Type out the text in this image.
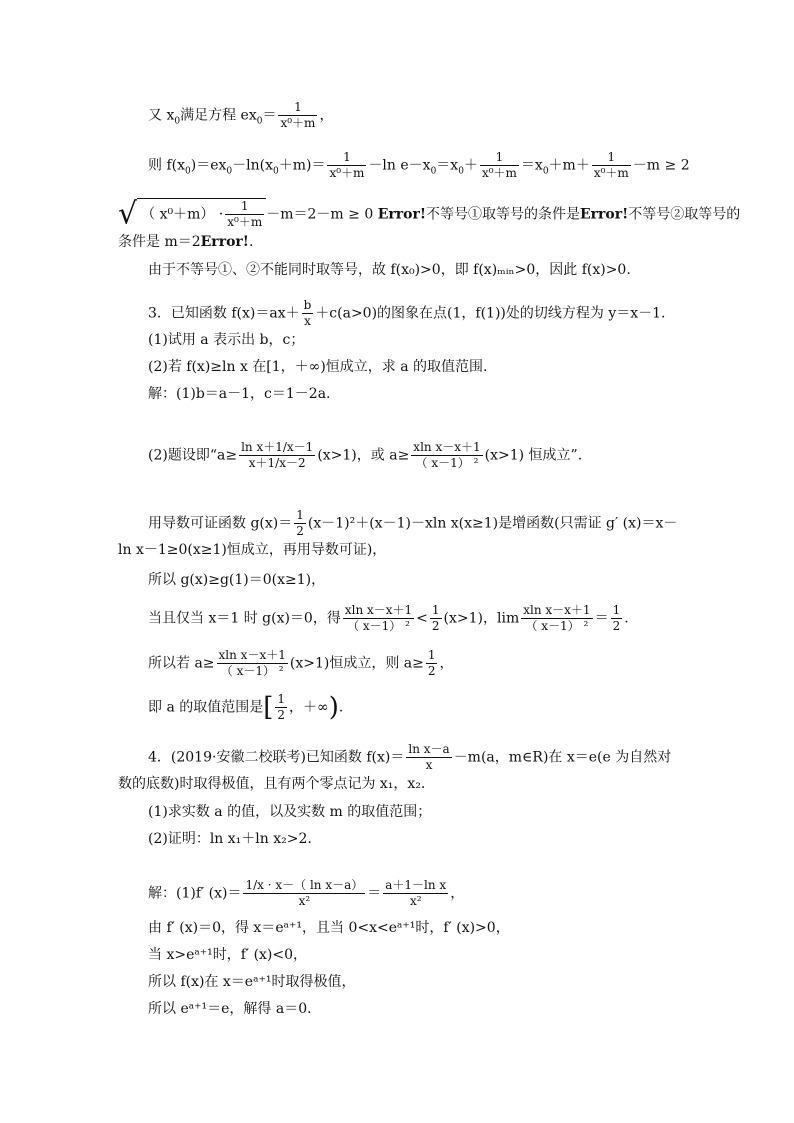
又 $x_0$满足方程 $ex_0= \frac{1}{\text{x⁰＋m}}$ ，
则 $f(x_0)=ex_0-\ln(x_0+m)= \frac{1}{\text{x⁰＋m}} -\ln$ $e-x_0=x_0+ \frac{1}{\text{x⁰＋m}} =x_0+m+ \frac{1}{\text{x⁰＋m}} -m \ge 2$
√ （ $x^0+m) \cdot \frac{1}{\text{x⁰＋m}} -m=2-m \ge 0$ Error!不等号①取等号的条件是Error!不等号②取等号的
条件是 m＝2Error!.
由于不等号①、②不能同时取等号，故 f(x₀)>0，即 f(x)ₘᵢₙ>0，因此 f(x)>0.
3．已知函数 $f(x)=ax+ \frac{b}{x} +c(a>0)$的图象在点(1，f(1))处的切线方程为 y＝x－1.
(1)试用 a 表示出 b，c；
(2)若 f(x)≥ln x 在[1，＋∞)恒成立，求 a 的取值范围.
解：(1)b＝a－1，c＝1－2a.
(2)题设即“$a\ge \frac{\text{ln x＋1/x－1}}{x+1/x-2} (x>1)$，或 $a\ge \frac{\text{xln x－x＋1}}{\text{（ x－1） ²}} (x>1)$ 恒成立”.
用导数可证函数 $g(x)= \frac{1}{2} (x-1)^2+(x-1)-xln$ x(x≥1)是增函数(只需证 g′ (x)＝x－
ln x－1≥0(x≥1)恒成立，再用导数可证)，
所以 g(x)≥g(1)＝0(x≥1)，
当且仅当 x＝1 时 g(x)＝0，得 $\frac{\text{xln x－x＋1}}{\text{（ x－1） ²}} < \frac{1}{2} (x>1)$，$\lim \frac{\text{xln x－x＋1}}{\text{（ x－1） ²}} = \frac{1}{2}$ .
所以若 $a\ge \frac{\text{xln x－x＋1}}{\text{（ x－1） ²}} (x>1)$恒成立，则 $a\ge \frac{1}{2}$ ，
即 a 的取值范围是[ $\frac{1}{2}$ ，＋∞).
4．(2019·安徽二校联考)已知函数 $f(x)= \frac{\text{ln x－a}}{x} -m(a$，m∈R)在 x＝e(e 为自然对
数的底数)时取得极值，且有两个零点记为 x₁，x₂.
(1)求实数 a 的值，以及实数 m 的取值范围；
(2)证明：ln x₁＋ln x₂>2.
解：(1)f′ $(x)= \frac{\text{1/x · x－（ ln x－a）}}{\text{x²}} = \frac{\text{a＋1－ln x}}{\text{x²}}$ ，
由 f′ (x)＝0，得 x＝eᵃ⁺¹，且当 0<x<eᵃ⁺¹时，f′ (x)>0，
当 x>eᵃ⁺¹时，f′ (x)<0，
所以 f(x)在 x＝eᵃ⁺¹时取得极值，
所以 eᵃ⁺¹＝e，解得 a＝0.
